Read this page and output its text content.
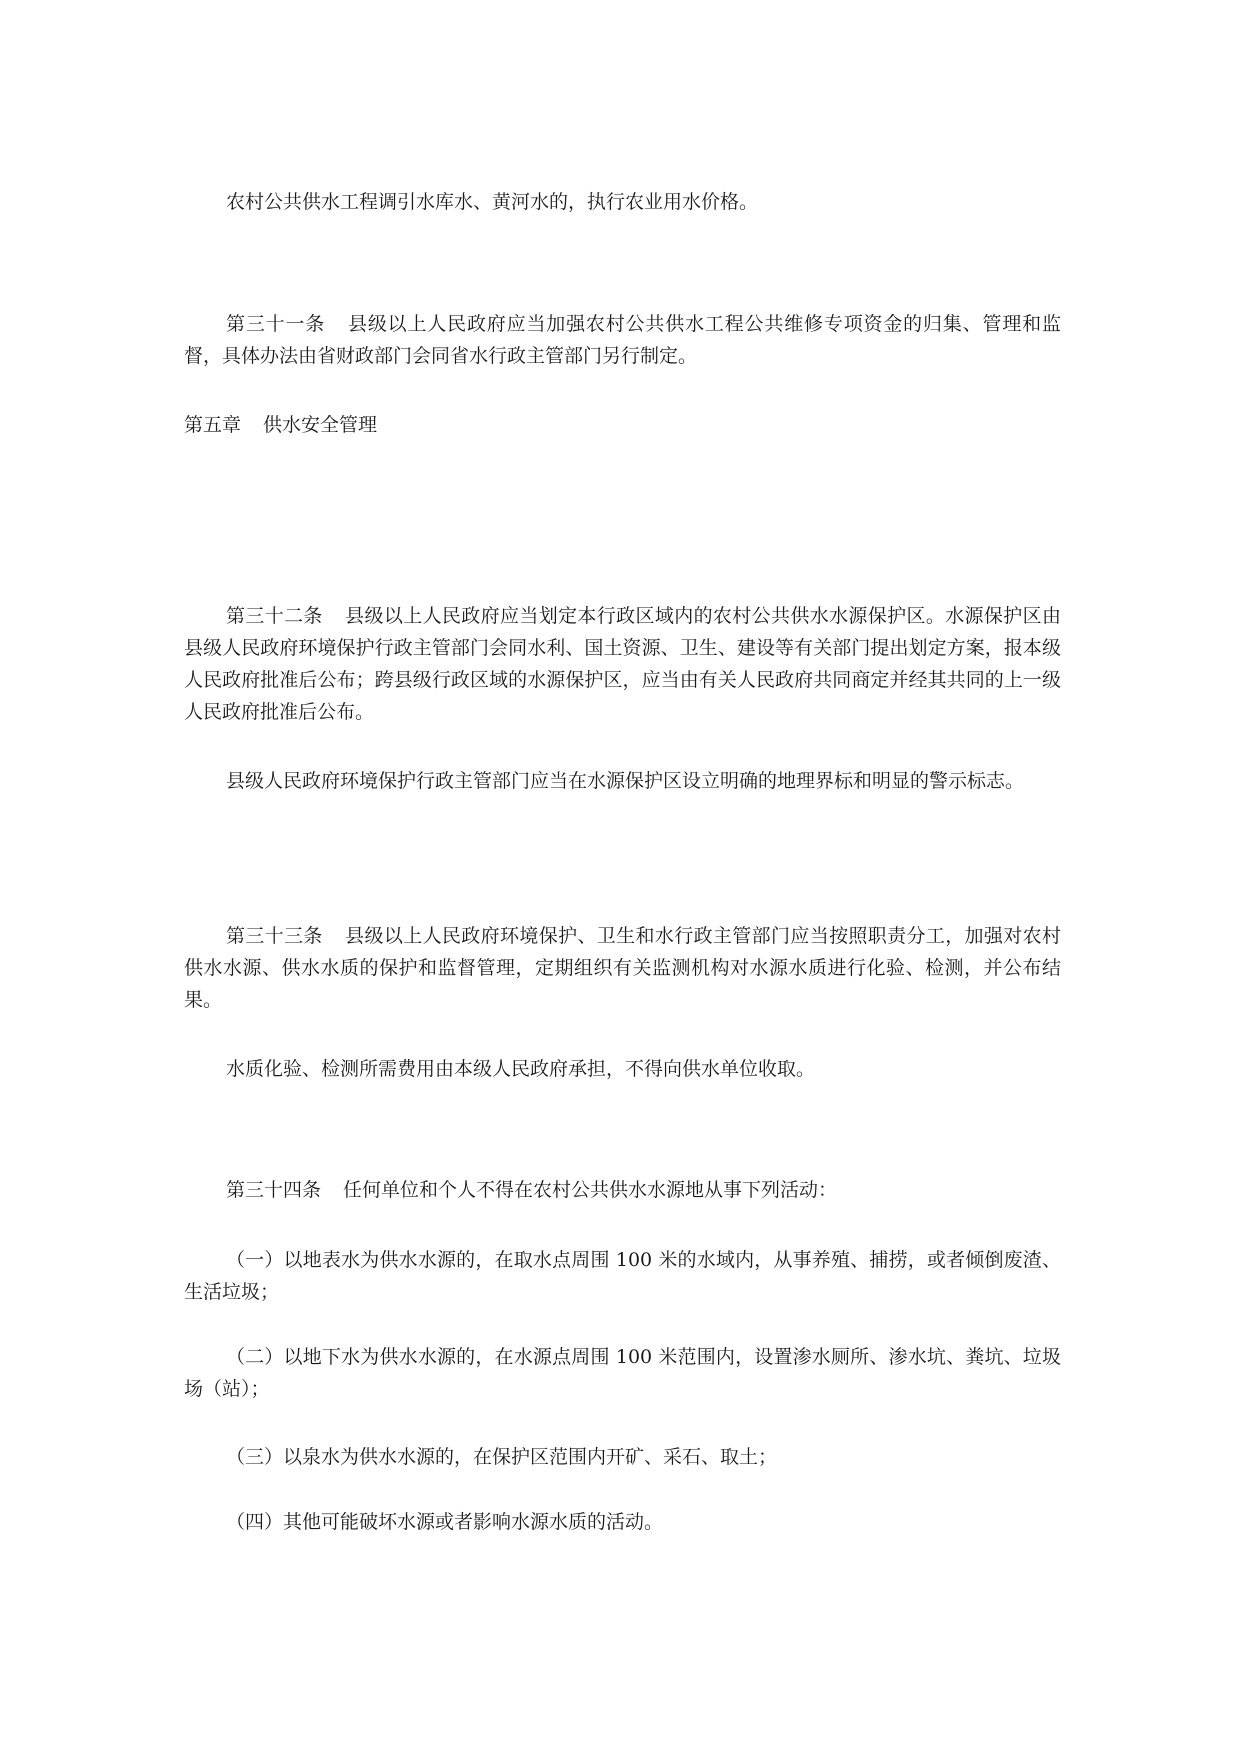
农村公共供水工程调引水库水、黄河水的，执行农业用水价格。

第三十一条 县级以上人民政府应当加强农村公共供水工程公共维修专项资金的归集、管理和监督，具体办法由省财政部门会同省水行政主管部门另行制定。

第五章 供水安全管理

第三十二条 县级以上人民政府应当划定本行政区域内的农村公共供水水源保护区。水源保护区由县级人民政府环境保护行政主管部门会同水利、国土资源、卫生、建设等有关部门提出划定方案，报本级人民政府批准后公布；跨县级行政区域的水源保护区，应当由有关人民政府共同商定并经其共同的上一级人民政府批准后公布。

县级人民政府环境保护行政主管部门应当在水源保护区设立明确的地理界标和明显的警示标志。

第三十三条 县级以上人民政府环境保护、卫生和水行政主管部门应当按照职责分工，加强对农村供水水源、供水水质的保护和监督管理，定期组织有关监测机构对水源水质进行化验、检测，并公布结果。

水质化验、检测所需费用由本级人民政府承担，不得向供水单位收取。

第三十四条 任何单位和个人不得在农村公共供水水源地从事下列活动：

（一）以地表水为供水水源的，在取水点周围 100 米的水域内，从事养殖、捕捞，或者倾倒废渣、生活垃圾；

（二）以地下水为供水水源的，在水源点周围 100 米范围内，设置渗水厕所、渗水坑、粪坑、垃圾场（站）；

（三）以泉水为供水水源的，在保护区范围内开矿、采石、取土；

（四）其他可能破坏水源或者影响水源水质的活动。
